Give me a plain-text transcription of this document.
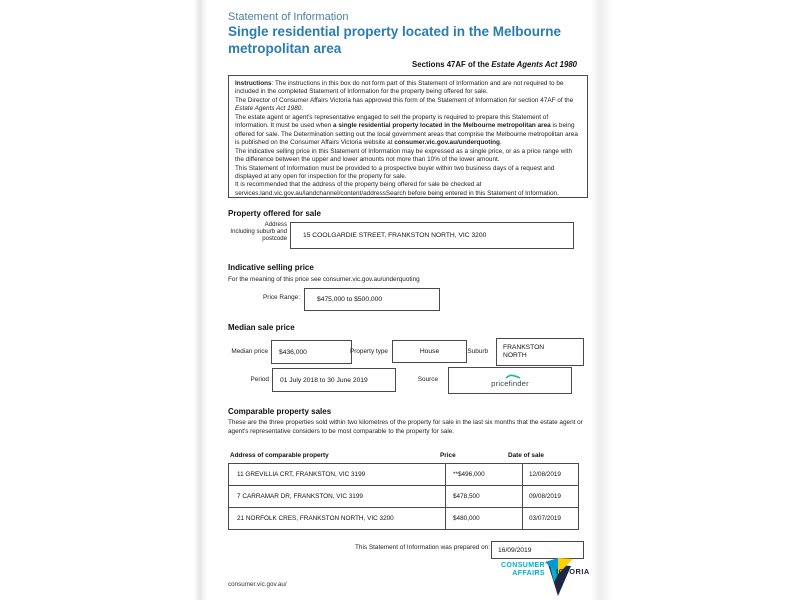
Statement of Information
Single residential property located in the Melbourne metropolitan area
Sections 47AF of the Estate Agents Act 1980

Instructions: The instructions in this box do not form part of this Statement of Information and are not required to be included in the completed Statement of Information for the property being offered for sale.

The Director of Consumer Affairs Victoria has approved this form of the Statement of Information for section 47AF of the Estate Agents Act 1980.

The estate agent or agent's representative engaged to sell the property is required to prepare this Statement of Information. It must be used when a single residential property located in the Melbourne metropolitan area is being offered for sale. The Determination setting out the local government areas that comprise the Melbourne metropolitan area is published on the Consumer Affairs Victoria website at consumer.vic.gov.au/underquoting.

The indicative selling price in this Statement of Information may be expressed as a single price, or as a price range with the difference between the upper and lower amounts not more than 10% of the lower amount.

This Statement of Information must be provided to a prospective buyer within two business days of a request and displayed at any open for inspection for the property for sale.

It is recommended that the address of the property being offered for sale be checked at services.land.vic.gov.au/landchannel/content/addressSearch before being entered in this Statement of Information.

Property offered for sale
Address
Including suburb and
postcode 15 COOLGARDIE STREET, FRANKSTON NORTH, VIC 3200
Indicative selling price
For the meaning of this price see consumer.vic.gov.au/underquoting
Price Range:	$475,000 to $500,000
Median sale price
Median price $436,000	Property type	House	Suburb
FRANKSTON NORTH
Period 01 July 2018 to 30 June 2019	Source	pricefinder
Comparable property sales
These are the three properties sold within two kilometres of the property for sale in the last six months that the estate agent or agent's representative considers to be most comparable to the property for sale.
Address of comparable property	Price	Date of sale
11 GREVILLIA CRT, FRANKSTON, VIC 3199	**$496,000	12/08/2019
7 CARRAMAR DR, FRANKSTON, VIC 3199	$478,500	09/08/2019
21 NORFOLK CRES, FRANKSTON NORTH, VIC 3200	$480,000	03/07/2019
This Statement of Information was prepared on: 16/09/2019
CONSUMER
AFFAIRS ICTORIA
consumer.vic.gov.au/
